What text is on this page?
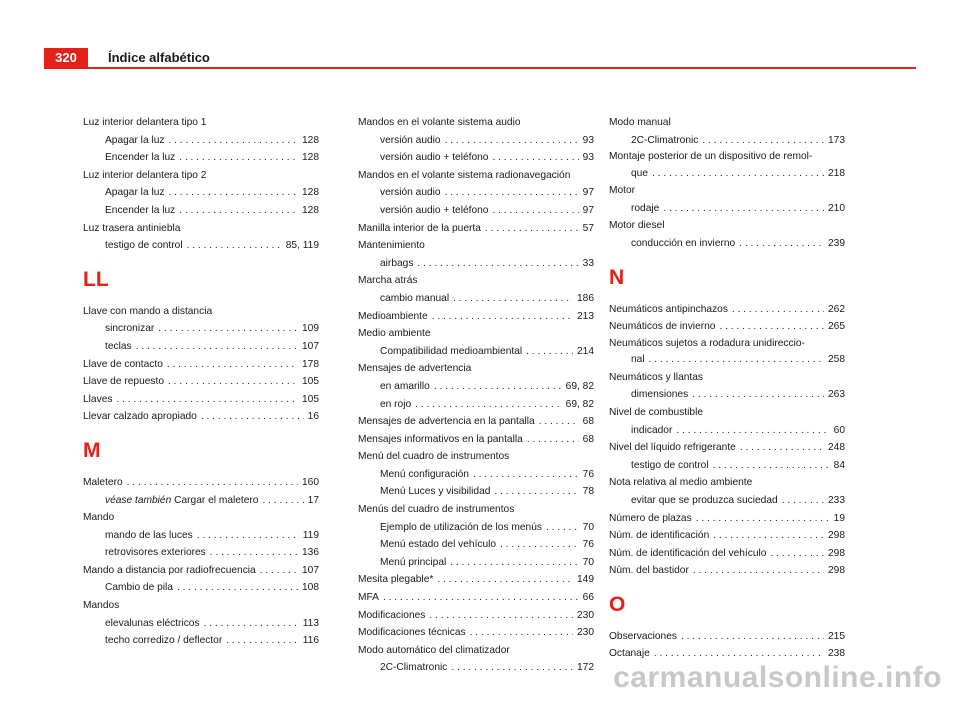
320	Índice alfabético
Luz interior delantera tipo 1
Apagar la luz . . .	128
Encender la luz . . .	128
Luz interior delantera tipo 2
Apagar la luz . . .	128
Encender la luz . . .	128
Luz trasera antiniebla
testigo de control . . .	85, 119
LL
Llave con mando a distancia
sincronizar . . .	109
teclas . . .	107
Llave de contacto . . .	178
Llave de repuesto . . .	105
Llaves . . .	105
Llevar calzado apropiado . . .	16
M
Maletero . . .	160
véase también Cargar el maletero . . .	17
Mando
mando de las luces . . .	119
retrovisores exteriores . . .	136
Mando a distancia por radiofrecuencia . . .	107
Cambio de pila . . .	108
Mandos
elevalunas eléctricos . . .	113
techo corredizo / deflector . . .	116
Mandos en el volante sistema audio
versión audio . . .	93
versión audio + teléfono . . .	93
Mandos en el volante sistema radionavegación
versión audio . . .	97
versión audio + teléfono . . .	97
Manilla interior de la puerta . . .	57
Mantenimiento
airbags . . .	33
Marcha atrás
cambio manual . . .	186
Medioambiente . . .	213
Medio ambiente
Compatibilidad medioambiental . . .	214
Mensajes de advertencia
en amarillo . . .	69, 82
en rojo . . .	69, 82
Mensajes de advertencia en la pantalla . . .	68
Mensajes informativos en la pantalla . . .	68
Menú del cuadro de instrumentos
Menú configuración . . .	76
Menú Luces y visibilidad . . .	78
Menús del cuadro de instrumentos
Ejemplo de utilización de los menús . . .	70
Menú estado del vehículo . . .	76
Menú principal . . .	70
Mesita plegable* . . .	149
MFA . . .	66
Modificaciones . . .	230
Modificaciones técnicas . . .	230
Modo automático del climatizador
2C-Climatronic . . .	172
Modo manual
2C-Climatronic . . .	173
Montaje posterior de un dispositivo de remol-
que . . .	218
Motor
rodaje . . .	210
Motor diesel
conducción en invierno . . .	239
N
Neumáticos antipinchazos . . .	262
Neumáticos de invierno . . .	265
Neumáticos sujetos a rodadura unidireccio-
nal . . .	258
Neumáticos y llantas
dimensiones . . .	263
Nivel de combustible
indicador . . .	60
Nivel del líquido refrigerante . . .	248
testigo de control . . .	84
Nota relativa al medio ambiente
evitar que se produzca suciedad . . .	233
Número de plazas . . .	19
Núm. de identificación . . .	298
Núm. de identificación del vehículo . . .	298
Núm. del bastidor . . .	298
O
Observaciones . . .	215
Octanaje . . .	238
carmanualsonline.info
